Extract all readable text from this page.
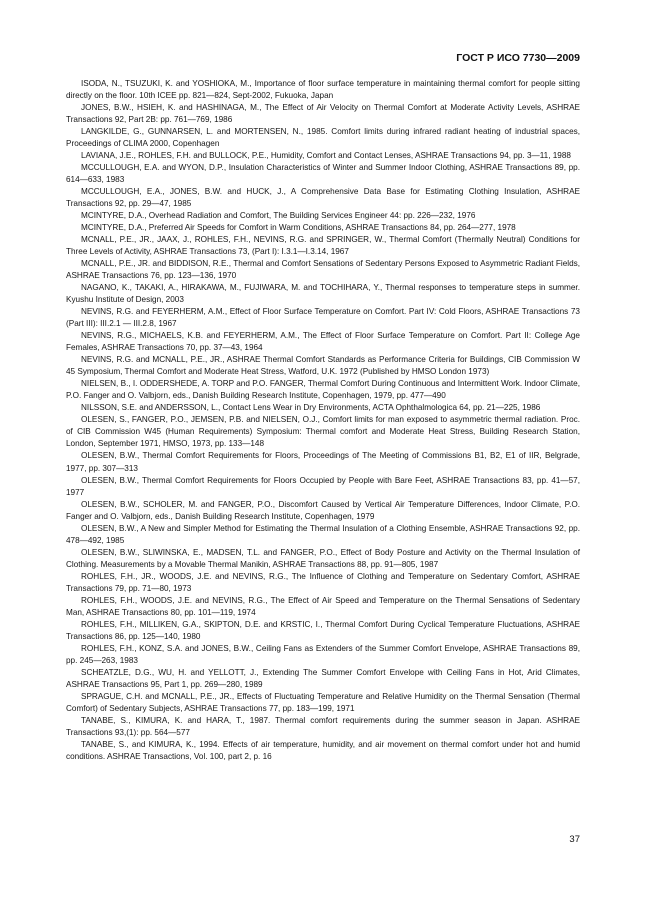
ГОСТ Р ИСО 7730—2009

ISODA, N., TSUZUKI, K. and YOSHIOKA, M., Importance of floor surface temperature in maintaining thermal comfort for people sitting directly on the floor. 10th ICEE pp. 821—824, Sept-2002, Fukuoka, Japan

JONES, B.W., HSIEH, K. and HASHINAGA, M., The Effect of Air Velocity on Thermal Comfort at Moderate Activity Levels, ASHRAE Transactions 92, Part 2B: pp. 761—769, 1986

LANGKILDE, G., GUNNARSEN, L. and MORTENSEN, N., 1985. Comfort limits during infrared radiant heating of industrial spaces, Proceedings of CLIMA 2000, Copenhagen

LAVIANA, J.E., ROHLES, F.H. and BULLOCK, P.E., Humidity, Comfort and Contact Lenses, ASHRAE Transactions 94, pp. 3—11, 1988

MCCULLOUGH, E.A. and WYON, D.P., Insulation Characteristics of Winter and Summer Indoor Clothing, ASHRAE Transactions 89, pp. 614—633, 1983

MCCULLOUGH, E.A., JONES, B.W. and HUCK, J., A Comprehensive Data Base for Estimating Clothing Insulation, ASHRAE Transactions 92, pp. 29—47, 1985

MCINTYRE, D.A., Overhead Radiation and Comfort, The Building Services Engineer 44: pp. 226—232, 1976

MCINTYRE, D.A., Preferred Air Speeds for Comfort in Warm Conditions, ASHRAE Transactions 84, pp. 264—277, 1978

MCNALL, P.E., JR., JAAX, J., ROHLES, F.H., NEVINS, R.G. and SPRINGER, W., Thermal Comfort (Thermally Neutral) Conditions for Three Levels of Activity, ASHRAE Transactions 73, (Part I): I.3.1—I.3.14, 1967

MCNALL, P.E., JR. and BIDDISON, R.E., Thermal and Comfort Sensations of Sedentary Persons Exposed to Asymmetric Radiant Fields, ASHRAE Transactions 76, pp. 123—136, 1970

NAGANO, K., TAKAKI, A., HIRAKAWA, M., FUJIWARA, M. and TOCHIHARA, Y., Thermal responses to temperature steps in summer. Kyushu Institute of Design, 2003

NEVINS, R.G. and FEYERHERM, A.M., Effect of Floor Surface Temperature on Comfort. Part IV: Cold Floors, ASHRAE Transactions 73 (Part III): III.2.1 — III.2.8, 1967

NEVINS, R.G., MICHAELS, K.B. and FEYERHERM, A.M., The Effect of Floor Surface Temperature on Comfort. Part II: College Age Females, ASHRAE Transactions 70, pp. 37—43, 1964

NEVINS, R.G. and MCNALL, P.E., JR., ASHRAE Thermal Comfort Standards as Performance Criteria for Buildings, CIB Commission W 45 Symposium, Thermal Comfort and Moderate Heat Stress, Watford, U.K. 1972 (Published by HMSO London 1973)

NIELSEN, B., I. ODDERSHEDE, A. TORP and P.O. FANGER, Thermal Comfort During Continuous and Intermittent Work. Indoor Climate, P.O. Fanger and O. Valbjorn, eds., Danish Building Research Institute, Copenhagen, 1979, pp. 477—490

NILSSON, S.E. and ANDERSSON, L., Contact Lens Wear in Dry Environments, ACTA Ophthalmologica 64, pp. 21—225, 1986

OLESEN, S., FANGER, P.O., JEMSEN, P.B. and NIELSEN, O.J., Comfort limits for man exposed to asymmetric thermal radiation. Proc. of CIB Commission W45 (Human Requirements) Symposium: Thermal comfort and Moderate Heat Stress, Building Research Station, London, September 1971, HMSO, 1973, pp. 133—148

OLESEN, B.W., Thermal Comfort Requirements for Floors, Proceedings of The Meeting of Commissions B1, B2, E1 of IIR, Belgrade, 1977, pp. 307—313

OLESEN, B.W., Thermal Comfort Requirements for Floors Occupied by People with Bare Feet, ASHRAE Transactions 83, pp. 41—57, 1977

OLESEN, B.W., SCHOLER, M. and FANGER, P.O., Discomfort Caused by Vertical Air Temperature Differences, Indoor Climate, P.O. Fanger and O. Valbjorn, eds., Danish Building Research Institute, Copenhagen, 1979

OLESEN, B.W., A New and Simpler Method for Estimating the Thermal Insulation of a Clothing Ensemble, ASHRAE Transactions 92, pp. 478—492, 1985

OLESEN, B.W., SLIWINSKA, E., MADSEN, T.L. and FANGER, P.O., Effect of Body Posture and Activity on the Thermal Insulation of Clothing. Measurements by a Movable Thermal Manikin, ASHRAE Transactions 88, pp. 91—805, 1987

ROHLES, F.H., JR., WOODS, J.E. and NEVINS, R.G., The Influence of Clothing and Temperature on Sedentary Comfort, ASHRAE Transactions 79, pp. 71—80, 1973

ROHLES, F.H., WOODS, J.E. and NEVINS, R.G., The Effect of Air Speed and Temperature on the Thermal Sensations of Sedentary Man, ASHRAE Transactions 80, pp. 101—119, 1974

ROHLES, F.H., MILLIKEN, G.A., SKIPTON, D.E. and KRSTIC, I., Thermal Comfort During Cyclical Temperature Fluctuations, ASHRAE Transactions 86, pp. 125—140, 1980

ROHLES, F.H., KONZ, S.A. and JONES, B.W., Ceiling Fans as Extenders of the Summer Comfort Envelope, ASHRAE Transactions 89, pp. 245—263, 1983

SCHEATZLE, D.G., WU, H. and YELLOTT, J., Extending The Summer Comfort Envelope with Ceiling Fans in Hot, Arid Climates, ASHRAE Transactions 95, Part 1, pp. 269—280, 1989

SPRAGUE, C.H. and MCNALL, P.E., JR., Effects of Fluctuating Temperature and Relative Humidity on the Thermal Sensation (Thermal Comfort) of Sedentary Subjects, ASHRAE Transactions 77, pp. 183—199, 1971

TANABE, S., KIMURA, K. and HARA, T., 1987. Thermal comfort requirements during the summer season in Japan. ASHRAE Transactions 93,(1): pp. 564—577

TANABE, S., and KIMURA, K., 1994. Effects of air temperature, humidity, and air movement on thermal comfort under hot and humid conditions. ASHRAE Transactions, Vol. 100, part 2, p. 16

37
